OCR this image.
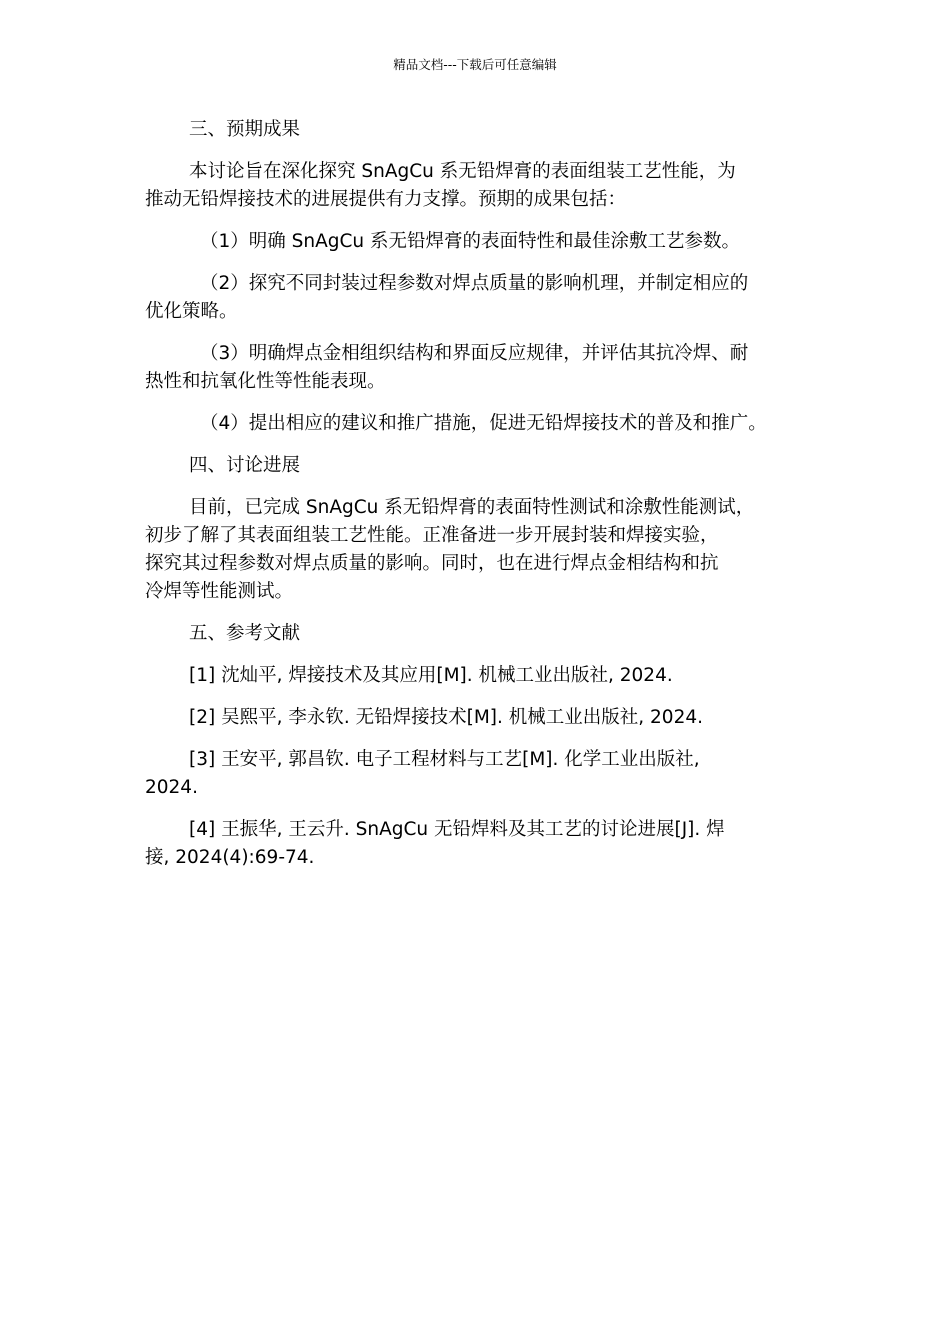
精品文档---下载后可任意编辑
三、预期成果
本讨论旨在深化探究 SnAgCu 系无铅焊膏的表面组装工艺性能，为
推动无铅焊接技术的进展提供有力支撑。预期的成果包括：
（1）明确 SnAgCu 系无铅焊膏的表面特性和最佳涂敷工艺参数。
（2）探究不同封装过程参数对焊点质量的影响机理，并制定相应的
优化策略。
（3）明确焊点金相组织结构和界面反应规律，并评估其抗冷焊、耐
热性和抗氧化性等性能表现。
（4）提出相应的建议和推广措施，促进无铅焊接技术的普及和推广。
四、讨论进展
目前，已完成 SnAgCu 系无铅焊膏的表面特性测试和涂敷性能测试，
初步了解了其表面组装工艺性能。正准备进一步开展封装和焊接实验，
探究其过程参数对焊点质量的影响。同时，也在进行焊点金相结构和抗
冷焊等性能测试。
五、参考文献
[1] 沈灿平, 焊接技术及其应用[M]. 机械工业出版社, 2024.
[2] 吴熙平, 李永钦. 无铅焊接技术[M]. 机械工业出版社, 2024.
[3] 王安平, 郭昌钦. 电子工程材料与工艺[M]. 化学工业出版社,
2024.
[4] 王振华, 王云升. SnAgCu 无铅焊料及其工艺的讨论进展[J]. 焊
接, 2024(4):69-74.
